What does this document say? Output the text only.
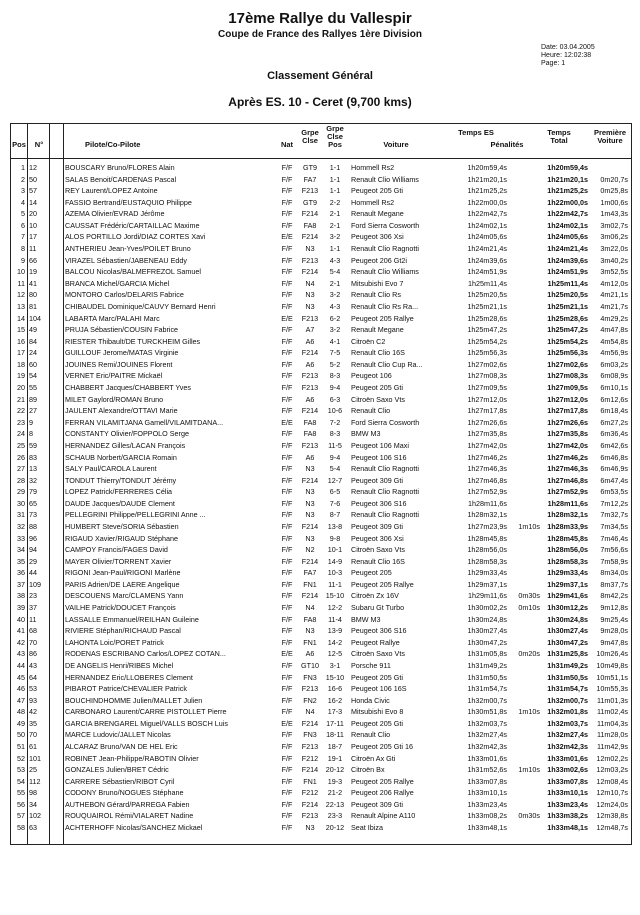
17ème Rallye du Vallespir
Coupe de France des Rallyes 1ère Division
Date: 03.04.2005
Heure: 12:02:38
Page: 1
Classement Général
Après ES. 10 - Ceret (9,700 kms)
Pos	N°	Pilote/Co-Pilote	Nat
Grpe Clse
Grpe Clse Pos	Voiture
Temps ES
Pénalités
Temps Total
Première Voiture
1 12	BOUSCARY Bruno/FLORES Alain	F/F	GT9	1-1	Hommell Rs2	1h20m59,4s	1h20m59,4s
2 50	SALAS Benoit/CARDENAS Pascal	F/F	FA7	1-1	Renault Clio Williams	1h21m20,1s	1h21m20,1s	0m20,7s
3 57	REY Laurent/LOPEZ Antoine	F/F	F213	1-1	Peugeot 205 Gti	1h21m25,2s	1h21m25,2s	0m25,8s
4 14	FASSIO Bertrand/EUSTAQUIO Philippe	F/F	GT9	2-2	Hommell Rs2	1h22m00,0s	1h22m00,0s	1m00,6s
5 20	AZEMA Olivier/EVRAD Jérôme	F/F	F214	2-1	Renault Megane	1h22m42,7s	1h22m42,7s	1m43,3s
6 10	CAUSSAT Frédéric/CARTAILLAC Maxime	F/F	FA8	2-1	Ford Sierra Cosworth	1h24m02,1s	1h24m02,1s	3m02,7s
7 17	ALOS PORTILLO Jordi/DIAZ CORTES Xavi	E/E	F214	3-2	Peugeot 306 Xsi	1h24m05,6s	1h24m05,6s	3m06,2s
8 11	ANTHERIEU Jean-Yves/POILET Bruno	F/F	N3	1-1	Renault Clio Ragnotti	1h24m21,4s	1h24m21,4s	3m22,0s
9 66	VIRAZEL Sébastien/JABENEAU Eddy	F/F	F213	4-3	Peugeot 206 Gt2i	1h24m39,6s	1h24m39,6s	3m40,2s
10 19	BALCOU Nicolas/BALMEFREZOL Samuel	F/F	F214	5-4	Renault Clio Williams	1h24m51,9s	1h24m51,9s	3m52,5s
11 41	BRANCA Michel/GARCIA Michel	F/F	N4	2-1	Mitsubishi Evo 7	1h25m11,4s	1h25m11,4s	4m12,0s
12 80	MONTORO Carlos/DELARIS Fabrice	F/F	N3	3-2	Renault Clio Rs	1h25m20,5s	1h25m20,5s	4m21,1s
13 81	CHIBAUDEL Dominique/CAUVY Bernard Henri	F/F	N3	4-3	Renault Clio Rs Ra...	1h25m21,1s	1h25m21,1s	4m21,7s
14 104	LABARTA Marc/PALAHI Marc	E/E	F213	6-2	Peugeot 205 Rallye	1h25m28,6s	1h25m28,6s	4m29,2s
15 49	PRUJA Sébastien/COUSIN Fabrice	F/F	A7	3-2	Renault Megane	1h25m47,2s	1h25m47,2s	4m47,8s
16 84	RIESTER Thibault/DE TURCKHEIM Gilles	F/F	A6	4-1	Citroën C2	1h25m54,2s	1h25m54,2s	4m54,8s
17 24	GUILLOUF Jerome/MATAS Virginie	F/F	F214	7-5	Renault Clio 16S	1h25m56,3s	1h25m56,3s	4m56,9s
18 60	JOUINES Remi/JOUINES Florent	F/F	A6	5-2	Renault Clio Cup Ra...	1h27m02,6s	1h27m02,6s	6m03,2s
19 54	VERNET Eric/PAITRE Mickaël	F/F	F213	8-3	Peugeot 106	1h27m08,3s	1h27m08,3s	6m08,9s
20 55	CHABBERT Jacques/CHABBERT Yves	F/F	F213	9-4	Peugeot 205 Gti	1h27m09,5s	1h27m09,5s	6m10,1s
21 89	MILET Gaylord/ROMAN Bruno	F/F	A6	6-3	Citroën Saxo Vts	1h27m12,0s	1h27m12,0s	6m12,6s
22 27	JAULENT Alexandre/OTTAVI Marie	F/F	F214	10-6	Renault Clio	1h27m17,8s	1h27m17,8s	6m18,4s
23 9	FERRAN VILAMITJANA Gamell/VILAMITDANA...	E/E	FA8	7-2	Ford Sierra Cosworth	1h27m26,6s	1h27m26,6s	6m27,2s
24 8	CONSTANTY Olivier/FOPPOLO Serge	F/F	FA8	8-3	BMW M3	1h27m35,8s	1h27m35,8s	6m36,4s
25 59	HERNANDEZ Gilles/LACAN François	F/F	F213	11-5	Peugeot 106 Maxi	1h27m42,0s	1h27m42,0s	6m42,6s
26 83	SCHAUB Norbert/GARCIA Romain	F/F	A6	9-4	Peugeot 106 S16	1h27m46,2s	1h27m46,2s	6m46,8s
27 13	SALY Paul/CAROLA Laurent	F/F	N3	5-4	Renault Clio Ragnotti	1h27m46,3s	1h27m46,3s	6m46,9s
28 32	TONDUT Thierry/TONDUT Jérémy	F/F	F214	12-7	Peugeot 309 Gti	1h27m46,8s	1h27m46,8s	6m47,4s
29 79	LOPEZ Patrick/FERRERES Célia	F/F	N3	6-5	Renault Clio Ragnotti	1h27m52,9s	1h27m52,9s	6m53,5s
30 65	DAUDE Jacques/DAUDE Clement	F/F	N3	7-6	Peugeot 306 S16	1h28m11,6s	1h28m11,6s	7m12,2s
31 73	PELLEGRINI Philippe/PELLEGRINI Anne ...	F/F	N3	8-7	Renault Clio Ragnotti	1h28m32,1s	1h28m32,1s	7m32,7s
32 88	HUMBERT Steve/SORIA Sébastien	F/F	F214	13-8	Peugeot 309 Gti	1h27m23,9s	1m10s	1h28m33,9s	7m34,5s
33 96	RIGAUD Xavier/RIGAUD Stéphane	F/F	N3	9-8	Peugeot 306 Xsi	1h28m45,8s	1h28m45,8s	7m46,4s
34 94	CAMPOY Francis/FAGES David	F/F	N2	10-1	Citroën Saxo Vts	1h28m56,0s	1h28m56,0s	7m56,6s
35 29	MAYER Olivier/TORRENT Xavier	F/F	F214	14-9	Renault Clio 16S	1h28m58,3s	1h28m58,3s	7m58,9s
36 44	RIGONI Jean-Paul/RIGONI Marlène	F/F	FA7	10-3	Peugeot 205	1h29m33,4s	1h29m33,4s	8m34,0s
37 109	PARIS Adrien/DE LAERE Angelique	F/F	FN1	11-1	Peugeot 205 Rallye	1h29m37,1s	1h29m37,1s	8m37,7s
38 23	DESCOUENS Marc/CLAMENS Yann	F/F	F214	15-10 Citroën Zx 16V	1h29m11,6s	0m30s	1h29m41,6s	8m42,2s
39 37	VAILHE Patrick/DOUCET François	F/F	N4	12-2	Subaru Gt Turbo	1h30m02,2s	0m10s	1h30m12,2s	9m12,8s
40 11	LASSALLE Emmanuel/REILHAN Guileine	F/F	FA8	11-4	BMW M3	1h30m24,8s	1h30m24,8s	9m25,4s
41 68	RIVIERE Stéphan/RICHAUD Pascal	F/F	N3	13-9	Peugeot 306 S16	1h30m27,4s	1h30m27,4s	9m28,0s
42 70	LAHONTA Loic/PORET Patrick	F/F	FN1	14-2	Peugeot Rallye	1h30m47,2s	1h30m47,2s	9m47,8s
43 86	RODENAS ESCRIBANO Carlos/LOPEZ COTAN...	E/E	A6	12-5	Citroën Saxo Vts	1h31m05,8s	0m20s	1h31m25,8s	10m26,4s
44 43	DE ANGELIS Henri/RIBES Michel	F/F	GT10	3-1	Porsche 911	1h31m49,2s	1h31m49,2s	10m49,8s
45 64	HERNANDEZ Eric/LLOBERES Clement	F/F	FN3	15-10 Peugeot 205 Gti	1h31m50,5s	1h31m50,5s	10m51,1s
46 53	PIBAROT Patrice/CHEVALIER Patrick	F/F	F213	16-6	Peugeot 106 16S	1h31m54,7s	1h31m54,7s	10m55,3s
47 93	BOUCHINDHOMME Julien/MALLET Julien	F/F	FN2	16-2	Honda Civic	1h32m00,7s	1h32m00,7s	11m01,3s
48 42	CARBONARO Laurent/CARRE PISTOLLET Pierre	F/F	N4	17-3	Mitsubishi Evo 8	1h30m51,8s	1m10s	1h32m01,8s	11m02,4s
49 35	GARCIA BRENGAREL Miguel/VALLS BOSCH Luis	E/E	F214	17-11 Peugeot 205 Gti	1h32m03,7s	1h32m03,7s	11m04,3s
50 70	MARCE Ludovic/JALLET Nicolas	F/F	FN3	18-11 Renault Clio	1h32m27,4s	1h32m27,4s	11m28,0s
51 61	ALCARAZ Bruno/VAN DE HEL Eric	F/F	F213	18-7	Peugeot 205 Gti 16	1h32m42,3s	1h32m42,3s	11m42,9s
52 101	ROBINET Jean-Philippe/RABOTIN Olivier	F/F	F212	19-1	Citroën Ax Gti	1h33m01,6s	1h33m01,6s	12m02,2s
53 25	GONZALES Julien/BRET Cédric	F/F	F214	20-12 Citroën Bx	1h31m52,6s	1m10s	1h33m02,6s	12m03,2s
54 112	CARRERE Sébastien/RIBOT Cyril	F/F	FN1	19-3	Peugeot 205 Rallye	1h33m07,8s	1h33m07,8s	12m08,4s
55 98	CODONY Bruno/NOGUES Stéphane	F/F	F212	21-2	Peugeot 206 Rallye	1h33m10,1s	1h33m10,1s	12m10,7s
56 34	AUTHEBON Gérard/PARREGA Fabien	F/F	F214	22-13 Peugeot 309 Gti	1h33m23,4s	1h33m23,4s	12m24,0s
57 102	ROUQUAIROL Rémi/VIALARET Nadine	F/F	F213	23-3	Renault Alpine A110	1h33m08,2s	0m30s	1h33m38,2s	12m38,8s
58 63	ACHTERHOFF Nicolas/SANCHEZ Mickael	F/F	N3	20-12 Seat Ibiza	1h33m48,1s	1h33m48,1s	12m48,7s
